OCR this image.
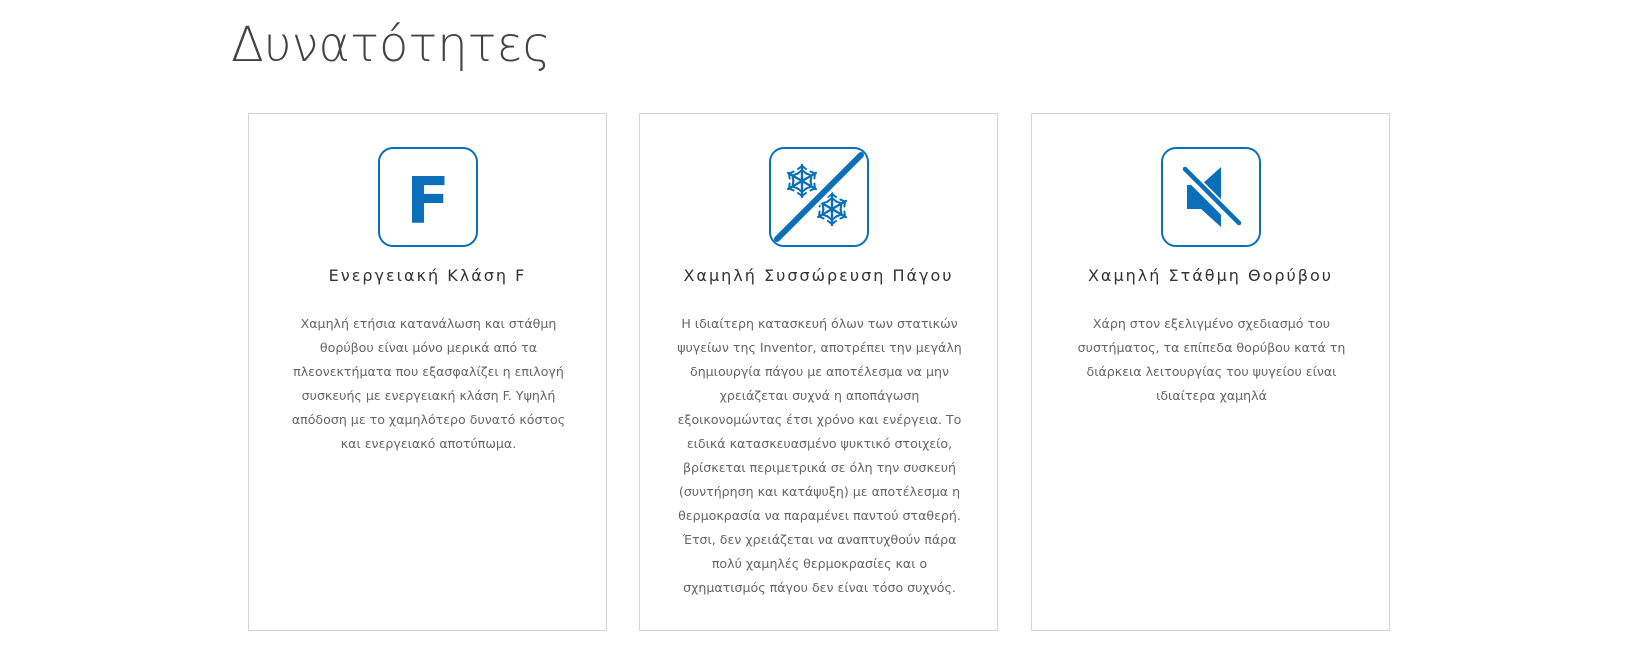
Δυνατότητες
F
Ενεργειακή Κλάση F

Χαμηλή ετήσια κατανάλωση και στάθμη θορύβου είναι μόνο μερικά από τα πλεονεκτήματα που εξασφαλίζει η επιλογή συσκευής με ενεργειακή κλάση F. Υψηλή απόδοση με το χαμηλότερο δυνατό κόστος και ενεργειακό αποτύπωμα.

Χαμηλή Συσσώρευση Πάγου

Η ιδιαίτερη κατασκευή όλων των στατικών ψυγείων της Inventor, αποτρέπει την μεγάλη δημιουργία πάγου με αποτέλεσμα να μην χρειάζεται συχνά η αποπάγωση εξοικονομώντας έτσι χρόνο και ενέργεια. Το ειδικά κατασκευασμένο ψυκτικό στοιχείο, βρίσκεται περιμετρικά σε όλη την συσκευή (συντήρηση και κατάψυξη) με αποτέλεσμα η θερμοκρασία να παραμένει παντού σταθερή. Έτσι, δεν χρειάζεται να αναπτυχθούν πάρα πολύ χαμηλές θερμοκρασίες και ο σχηματισμός πάγου δεν είναι τόσο συχνός.

Χαμηλή Στάθμη Θορύβου

Χάρη στον εξελιγμένο σχεδιασμό του συστήματος, τα επίπεδα θορύβου κατά τη διάρκεια λειτουργίας του ψυγείου είναι ιδιαίτερα χαμηλά
